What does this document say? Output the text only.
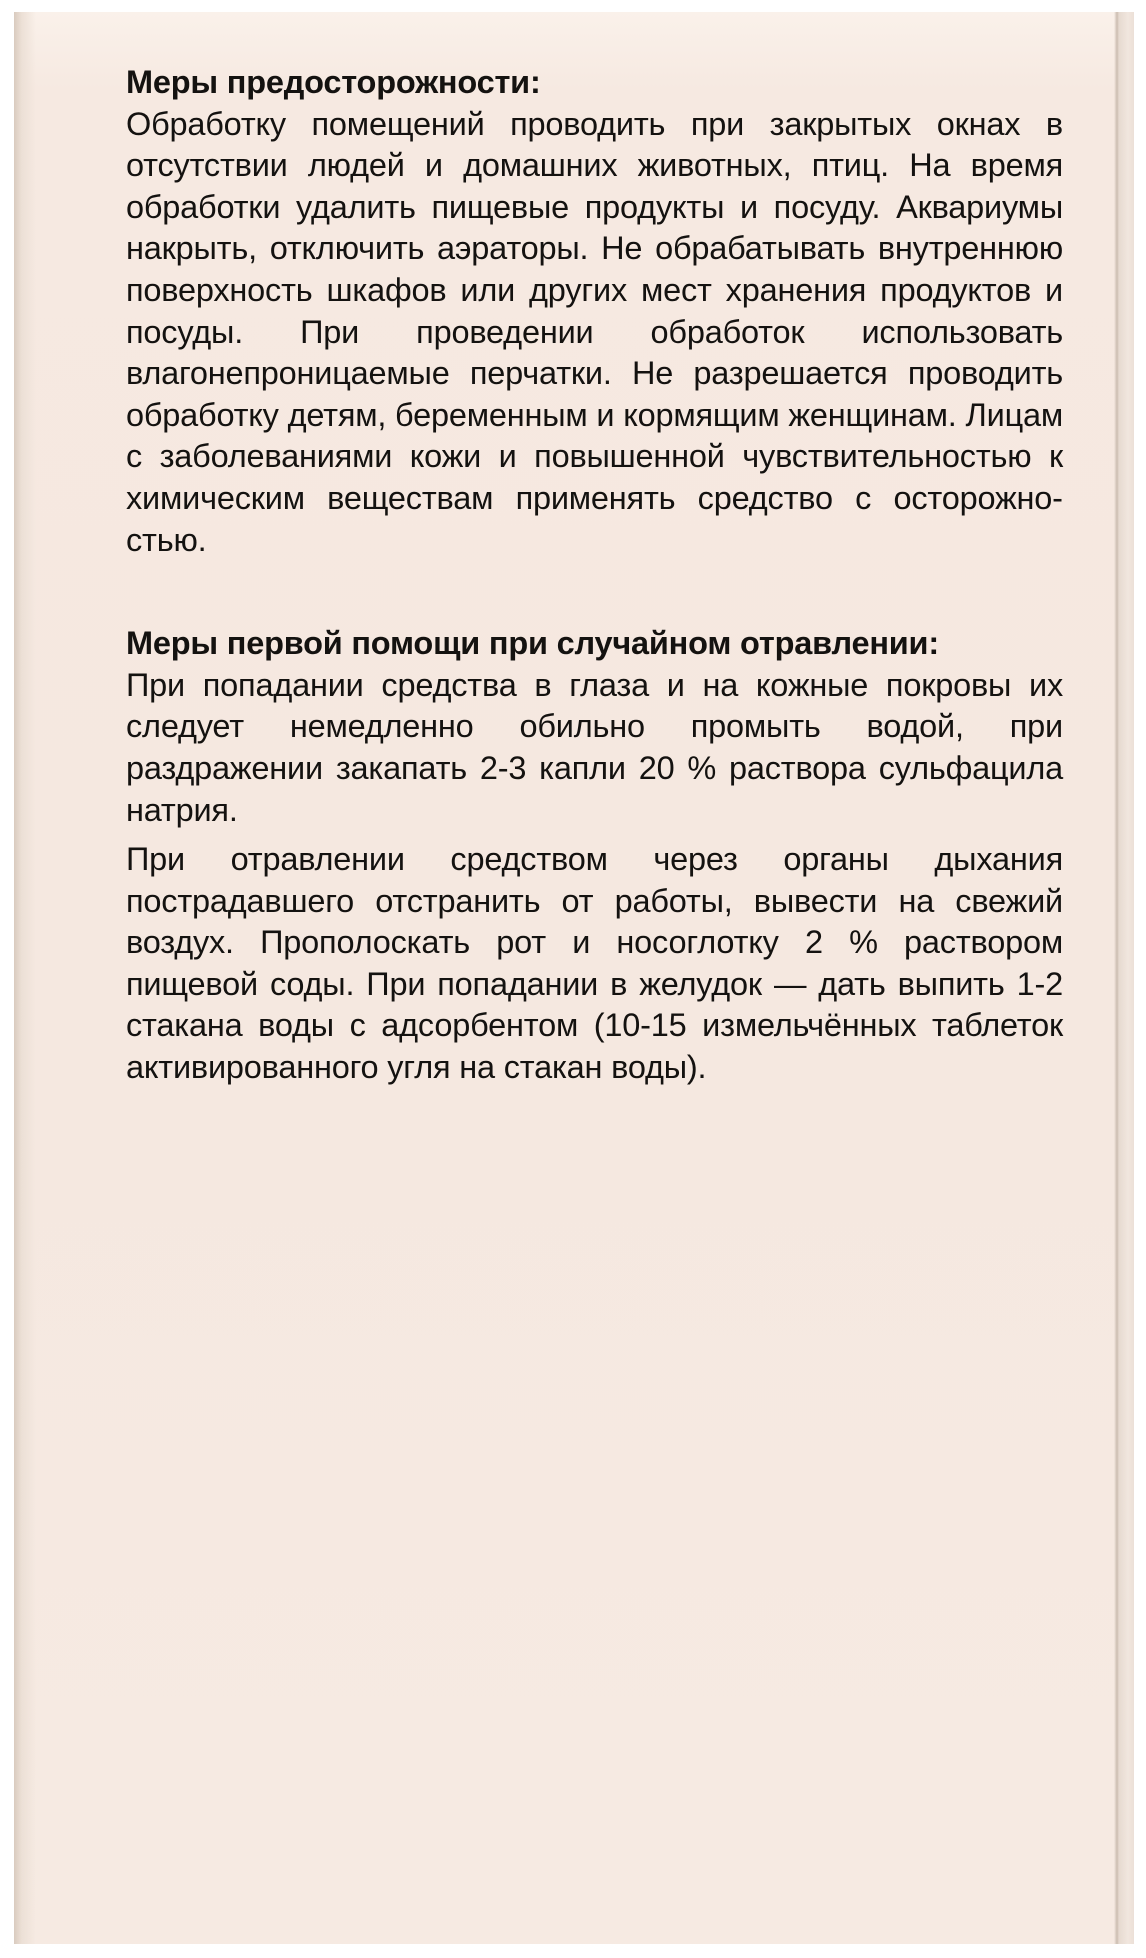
Меры предосторожности:

Обработку помещений проводить при закрытых окнах в отсутствии людей и домашних животных, птиц. На время обработки удалить пищевые продукты и посуду. Аквариумы накрыть, отключить аэраторы. Не обрабатывать внутреннюю поверхность шкафов или других мест хранения продуктов и посуды. При проведении обработок использовать влагонепроницаемые перчатки. Не разрешается проводить обработку детям, беременным и кормящим женщинам. Лицам с заболеваниями кожи и повышенной чувствительностью к химическим веществам применять средство с осторожностью.

Меры первой помощи при случайном отравлении:

При попадании средства в глаза и на кожные покровы их следует немедленно обильно промыть водой, при раздражении закапать 2-3 капли 20 % раствора сульфацила натрия.

При отравлении средством через органы дыхания пострадавшего отстранить от работы, вывести на свежий воздух. Прополоскать рот и носоглотку 2 % раствором пищевой соды. При попадании в желудок — дать выпить 1-2 стакана воды с адсорбентом (10-15 измельчённых таблеток активированного угля на стакан воды).
